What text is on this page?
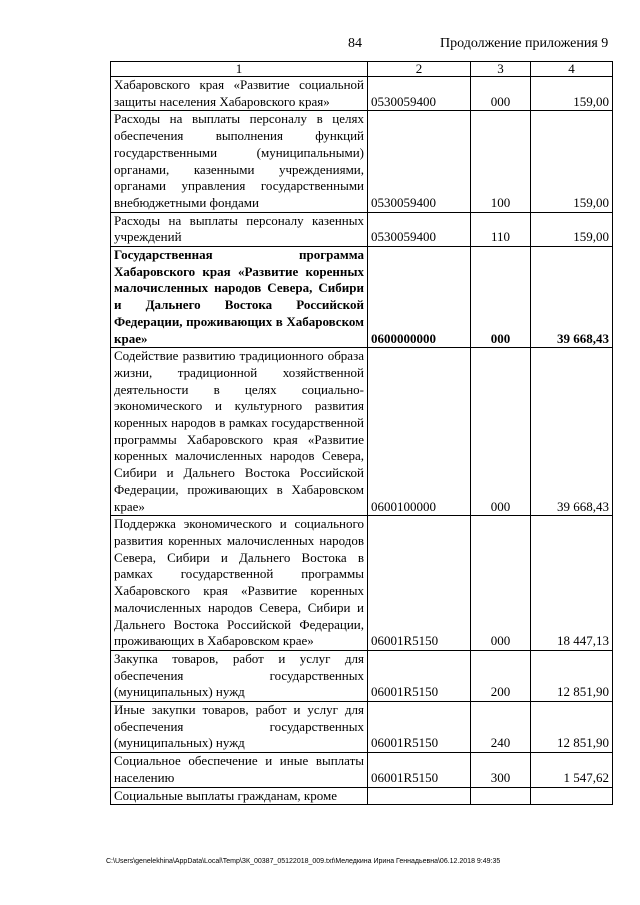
84	Продолжение приложения 9
1	2	3	4
Хабаровского края «Развитие социальной защиты населения Хабаровского края»	0530059400	000	159,00
Расходы на выплаты персоналу в целях обеспечения выполнения функций государственными (муниципальными) органами, казенными учреждениями, органами управления государственными внебюджетными фондами	0530059400	100	159,00
Расходы на выплаты персоналу казенных учреждений	0530059400	110	159,00
Государственная программа Хабаровского края «Развитие коренных малочисленных народов Севера, Сибири и Дальнего Востока Российской Федерации, проживающих в Хабаровском крае»	0600000000	000	39 668,43
Содействие развитию традиционного образа жизни, традиционной хозяйственной деятельности в целях социально-экономического и культурного развития коренных народов в рамках государственной программы Хабаровского края «Развитие коренных малочисленных народов Севера, Сибири и Дальнего Востока Российской Федерации, проживающих в Хабаровском крае»	0600100000	000	39 668,43
Поддержка экономического и социального развития коренных малочисленных народов Севера, Сибири и Дальнего Востока в рамках государственной программы Хабаровского края «Развитие коренных малочисленных народов Севера, Сибири и Дальнего Востока Российской Федерации, проживающих в Хабаровском крае»	06001R5150	000	18 447,13
Закупка товаров, работ и услуг для обеспечения государственных (муниципальных) нужд	06001R5150	200	12 851,90
Иные закупки товаров, работ и услуг для обеспечения государственных (муниципальных) нужд	06001R5150	240	12 851,90
Социальное обеспечение и иные выплаты населению	06001R5150	300	1 547,62
Социальные выплаты гражданам, кроме			
C:\Users\genelekhina\AppData\Local\Temp\ЗК_00387_05122018_009.txt\Меледкина Ирина Геннадьевна\06.12.2018 9:49:35
